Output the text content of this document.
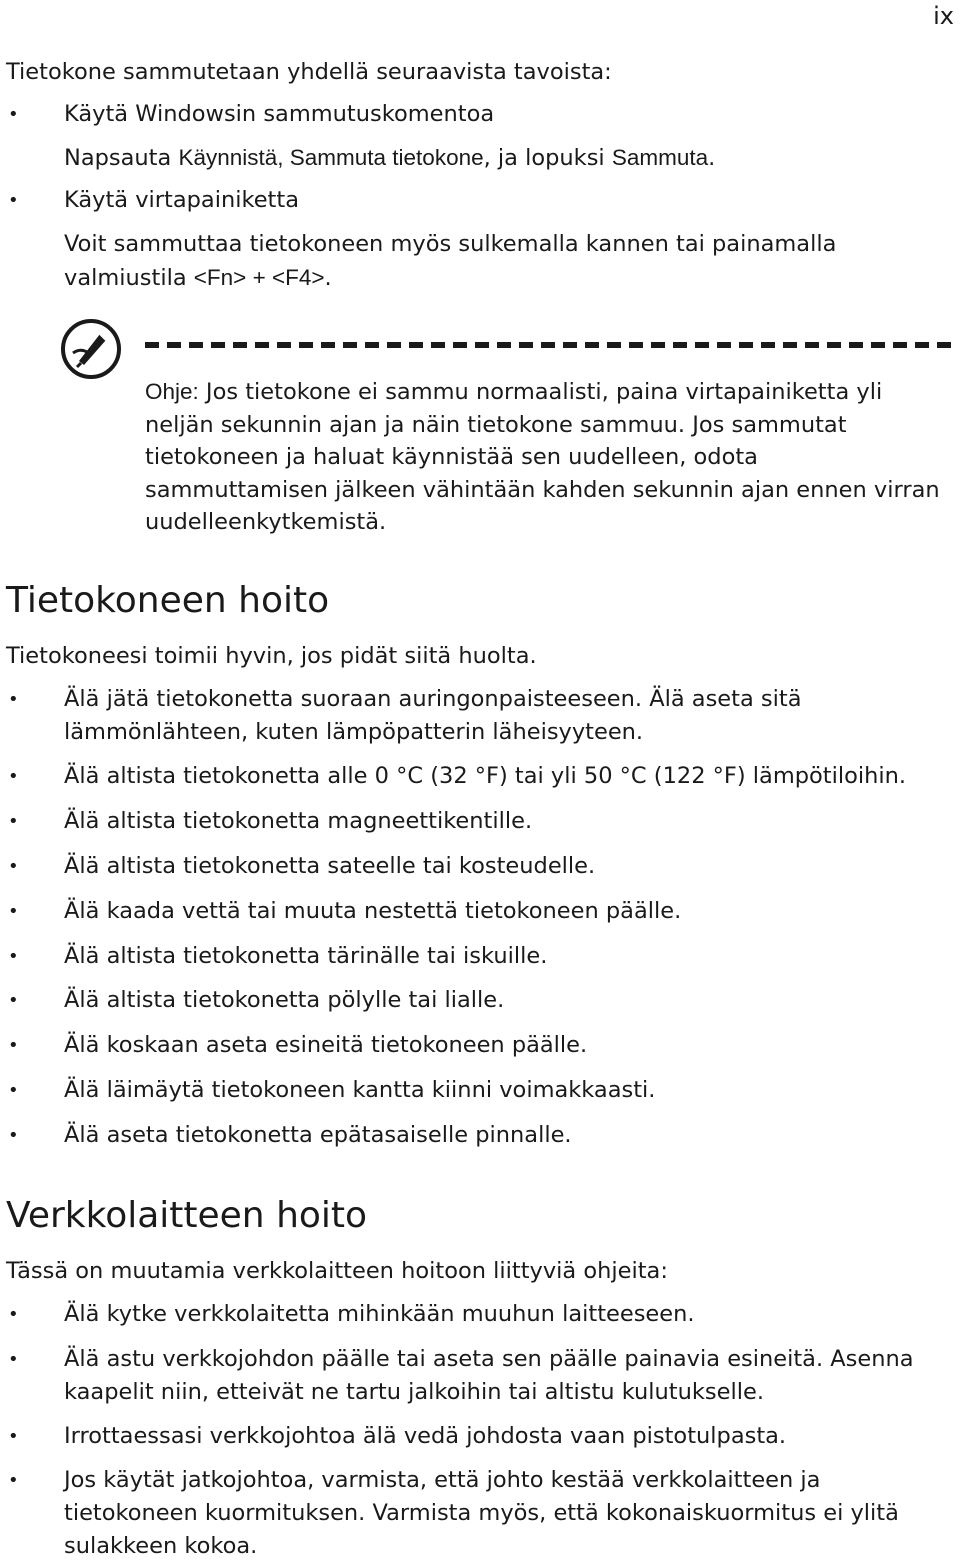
ix
Tietokone sammutetaan yhdellä seuraavista tavoista:
• Käytä Windowsin sammutuskomentoa
Napsauta Käynnistä, Sammuta tietokone, ja lopuksi Sammuta.
• Käytä virtapainiketta
Voit sammuttaa tietokoneen myös sulkemalla kannen tai painamalla
valmiustila <Fn> + <F4>.
Ohje: Jos tietokone ei sammu normaalisti, paina virtapainiketta yli neljän sekunnin ajan ja näin tietokone sammuu. Jos sammutat tietokoneen ja haluat käynnistää sen uudelleen, odota sammuttamisen jälkeen vähintään kahden sekunnin ajan ennen virran uudelleenkytkemistä.
Tietokoneen hoito
Tietokoneesi toimii hyvin, jos pidät siitä huolta.
• Älä jätä tietokonetta suoraan auringonpaisteeseen. Älä aseta sitä lämmönlähteen, kuten lämpöpatterin läheisyyteen.
• Älä altista tietokonetta alle 0 °C (32 °F) tai yli 50 °C (122 °F) lämpötiloihin.
• Älä altista tietokonetta magneettikentille.
• Älä altista tietokonetta sateelle tai kosteudelle.
• Älä kaada vettä tai muuta nestettä tietokoneen päälle.
• Älä altista tietokonetta tärinälle tai iskuille.
• Älä altista tietokonetta pölylle tai lialle.
• Älä koskaan aseta esineitä tietokoneen päälle.
• Älä läimäytä tietokoneen kantta kiinni voimakkaasti.
• Älä aseta tietokonetta epätasaiselle pinnalle.
Verkkolaitteen hoito
Tässä on muutamia verkkolaitteen hoitoon liittyviä ohjeita:
• Älä kytke verkkolaitetta mihinkään muuhun laitteeseen.
• Älä astu verkkojohdon päälle tai aseta sen päälle painavia esineitä. Asenna kaapelit niin, etteivät ne tartu jalkoihin tai altistu kulutukselle.
• Irrottaessasi verkkojohtoa älä vedä johdosta vaan pistotulpasta.
• Jos käytät jatkojohtoa, varmista, että johto kestää verkkolaitteen ja tietokoneen kuormituksen. Varmista myös, että kokonaiskuormitus ei ylitä sulakkeen kokoa.
